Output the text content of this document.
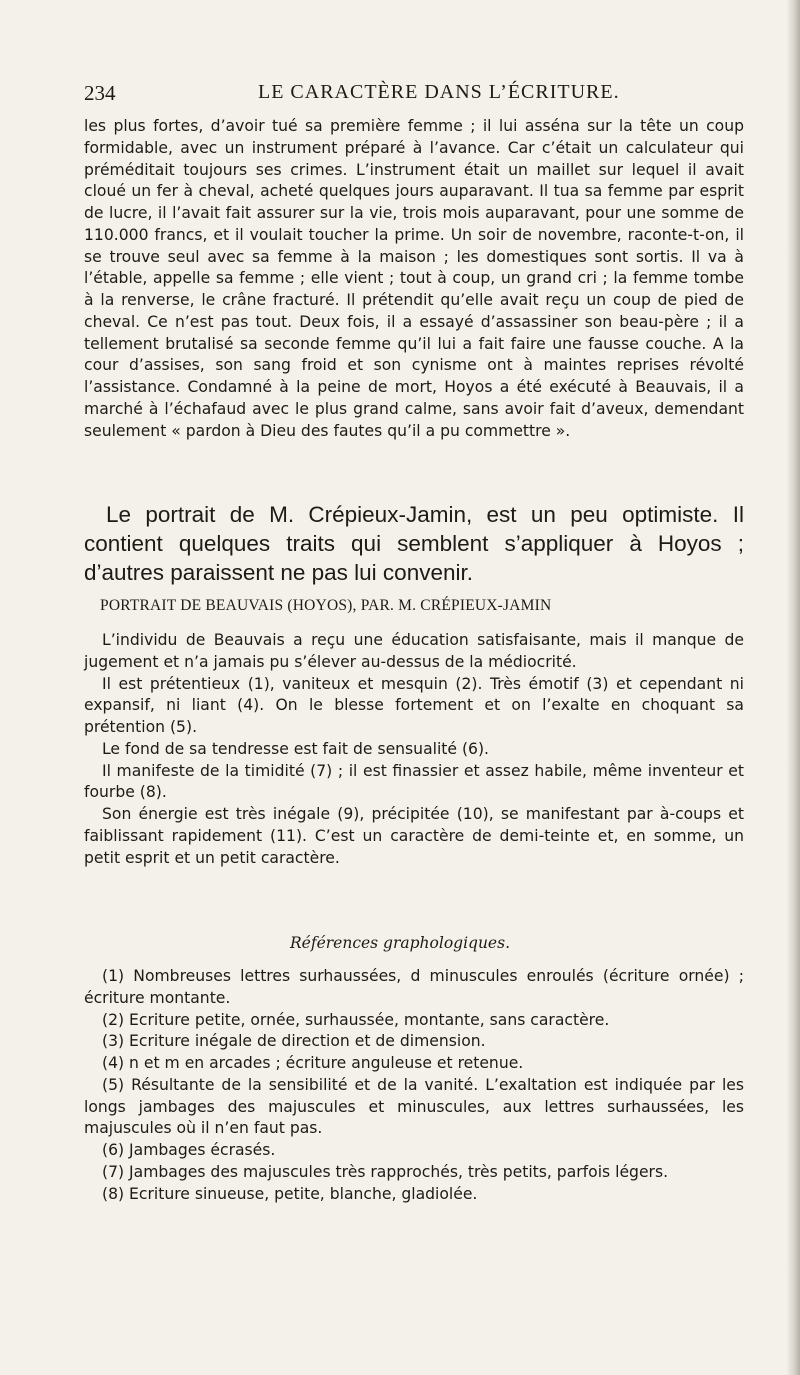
234	LE CARACTÈRE DANS L’ÉCRITURE.

les plus fortes, d’avoir tué sa première femme ; il lui asséna sur la tête un coup formidable, avec un instrument préparé à l’avance. Car c’était un calculateur qui préméditait toujours ses crimes. L’instrument était un maillet sur lequel il avait cloué un fer à cheval, acheté quelques jours auparavant. Il tua sa femme par esprit de lucre, il l’avait fait assurer sur la vie, trois mois auparavant, pour une somme de 110.000 francs, et il voulait toucher la prime. Un soir de novembre, raconte-t-on, il se trouve seul avec sa femme à la maison ; les domestiques sont sortis. Il va à l’étable, appelle sa femme ; elle vient ; tout à coup, un grand cri ; la femme tombe à la renverse, le crâne fracturé. Il prétendit qu’elle avait reçu un coup de pied de cheval. Ce n’est pas tout. Deux fois, il a essayé d’assassiner son beau-père ; il a tellement brutalisé sa seconde femme qu’il lui a fait faire une fausse couche. A la cour d’assises, son sang froid et son cynisme ont à maintes reprises révolté l’assistance. Condamné à la peine de mort, Hoyos a été exécuté à Beauvais, il a marché à l’échafaud avec le plus grand calme, sans avoir fait d’aveux, demendant seulement « pardon à Dieu des fautes qu’il a pu commettre ».

Le portrait de M. Crépieux-Jamin, est un peu optimiste. Il contient quelques traits qui semblent s’appliquer à Hoyos ; d’autres paraissent ne pas lui convenir.

PORTRAIT DE BEAUVAIS (HOYOS), PAR. M. CRÉPIEUX-JAMIN

L’individu de Beauvais a reçu une éducation satisfaisante, mais il manque de jugement et n’a jamais pu s’élever au-dessus de la médiocrité.

Il est prétentieux (1), vaniteux et mesquin (2). Très émotif (3) et cependant ni expansif, ni liant (4). On le blesse fortement et on l’exalte en choquant sa prétention (5).

Le fond de sa tendresse est fait de sensualité (6).

Il manifeste de la timidité (7) ; il est finassier et assez habile, même inventeur et fourbe (8).

Son énergie est très inégale (9), précipitée (10), se manifestant par à-coups et faiblissant rapidement (11). C’est un caractère de demi-teinte et, en somme, un petit esprit et un petit caractère.

Références graphologiques.

(1) Nombreuses lettres surhaussées, d minuscules enroulés (écriture ornée) ; écriture montante.

(2) Ecriture petite, ornée, surhaussée, montante, sans caractère.

(3) Ecriture inégale de direction et de dimension.

(4) n et m en arcades ; écriture anguleuse et retenue.

(5) Résultante de la sensibilité et de la vanité. L’exaltation est indiquée par les longs jambages des majuscules et minuscules, aux lettres surhaussées, les majuscules où il n’en faut pas.

(6) Jambages écrasés.

(7) Jambages des majuscules très rapprochés, très petits, parfois légers.

(8) Ecriture sinueuse, petite, blanche, gladiolée.
